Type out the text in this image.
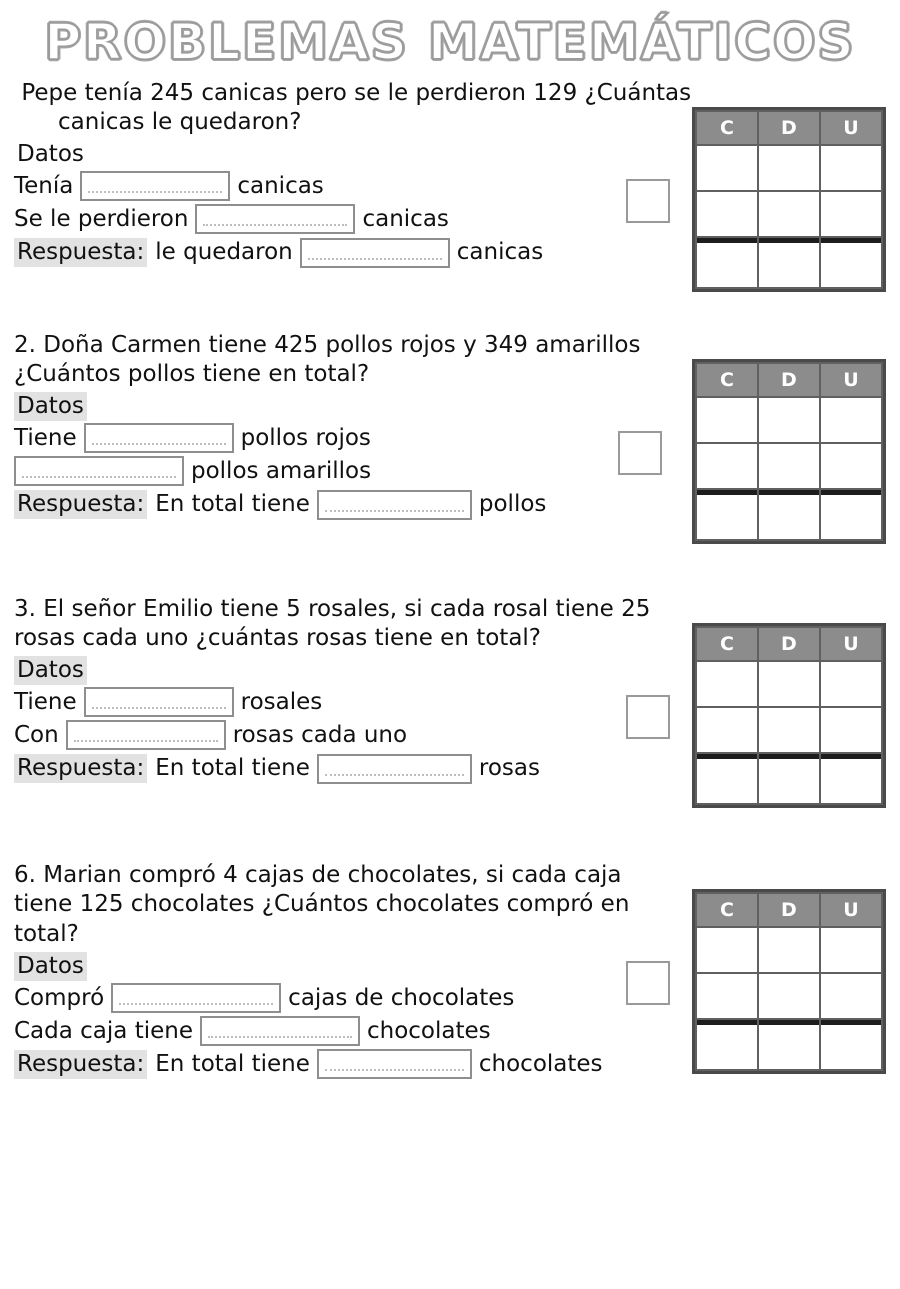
PROBLEMAS MATEMÁTICOS
Pepe tenía 245 canicas pero se le perdieron 129 ¿Cuántas canicas le quedaron?
Datos
Tenía	canicas
Se le perdieron	canicas
Respuesta: le quedaron	canicas
C	D	U

2. Doña Carmen tiene 425 pollos rojos y 349 amarillos ¿Cuántos pollos tiene en total?
Datos
Tiene	pollos rojos
pollos amarillos
Respuesta: En total tiene	pollos
C	D	U

3. El señor Emilio tiene 5 rosales, si cada rosal tiene 25 rosas cada uno ¿cuántas rosas tiene en total?
Datos
Tiene	rosales
Con	rosas cada uno
Respuesta: En total tiene	rosas
C	D	U

6. Marian compró 4 cajas de chocolates, si cada caja tiene 125 chocolates ¿Cuántos chocolates compró en total?
Datos
Compró	cajas de chocolates
Cada caja tiene	chocolates
Respuesta: En total tiene	chocolates
C	D	U
